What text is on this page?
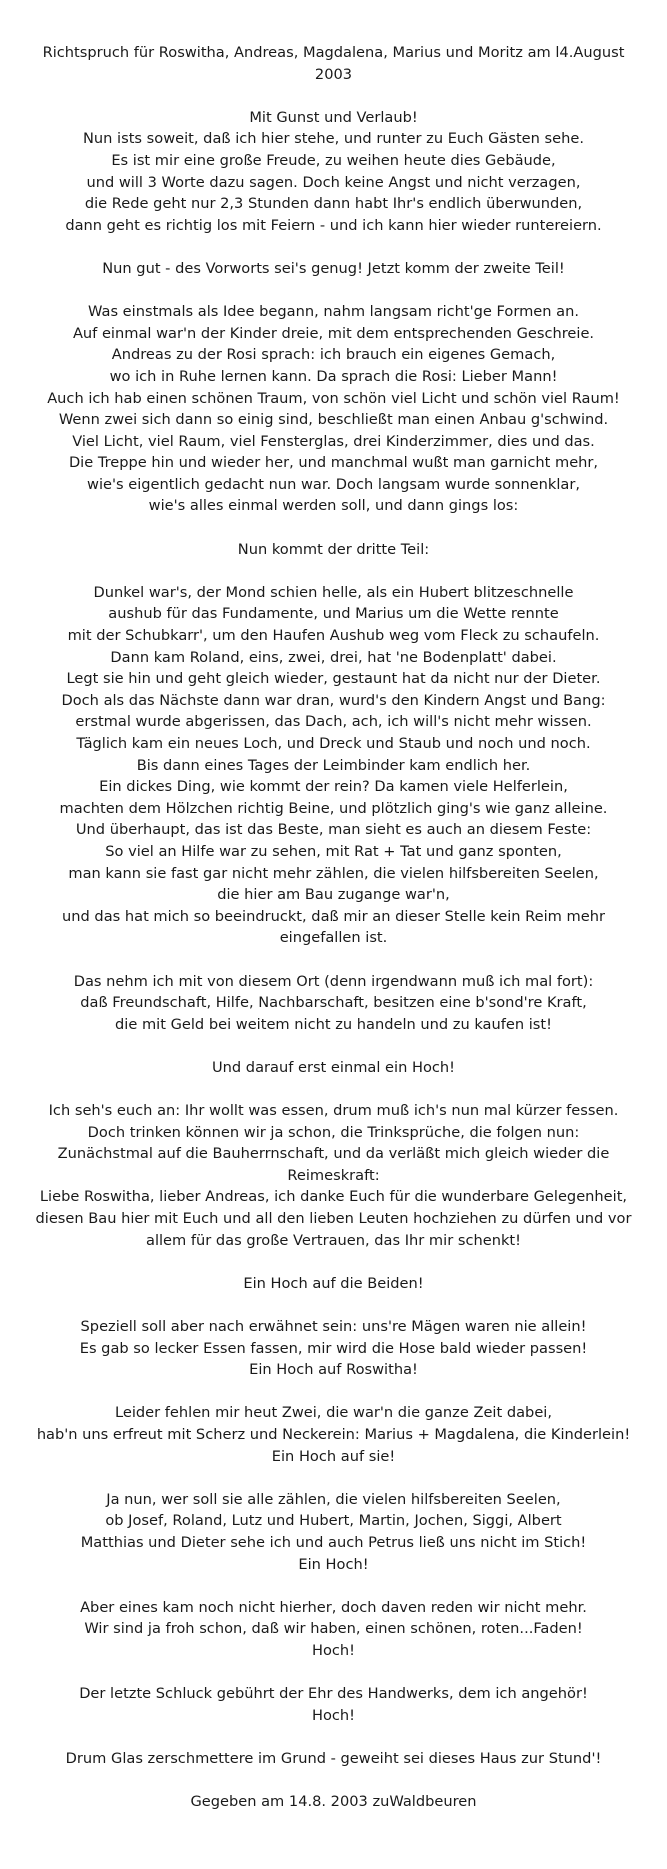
Richtspruch für Roswitha, Andreas, Magdalena, Marius und Moritz am l4.August
2003
Mit Gunst und Verlaub!
Nun ists soweit, daß ich hier stehe, und runter zu Euch Gästen sehe.
Es ist mir eine große Freude, zu weihen heute dies Gebäude,
und will 3 Worte dazu sagen. Doch keine Angst und nicht verzagen,
die Rede geht nur 2,3 Stunden dann habt Ihr's endlich überwunden,
dann geht es richtig los mit Feiern - und ich kann hier wieder runtereiern.
Nun gut - des Vorworts sei's genug! Jetzt komm der zweite Teil!
Was einstmals als Idee begann, nahm langsam richt'ge Formen an.
Auf einmal war'n der Kinder dreie, mit dem entsprechenden Geschreie.
Andreas zu der Rosi sprach: ich brauch ein eigenes Gemach,
wo ich in Ruhe lernen kann. Da sprach die Rosi: Lieber Mann!
Auch ich hab einen schönen Traum, von schön viel Licht und schön viel Raum!
Wenn zwei sich dann so einig sind, beschließt man einen Anbau g'schwind.
Viel Licht, viel Raum, viel Fensterglas, drei Kinderzimmer, dies und das.
Die Treppe hin und wieder her, und manchmal wußt man garnicht mehr,
wie's eigentlich gedacht nun war. Doch langsam wurde sonnenklar,
wie's alles einmal werden soll, und dann gings los:
Nun kommt der dritte Teil:
Dunkel war's, der Mond schien helle, als ein Hubert blitzeschnelle
aushub für das Fundamente, und Marius um die Wette rennte
mit der Schubkarr', um den Haufen Aushub weg vom Fleck zu schaufeln.
Dann kam Roland, eins, zwei, drei, hat 'ne Bodenplatt' dabei.
Legt sie hin und geht gleich wieder, gestaunt hat da nicht nur der Dieter.
Doch als das Nächste dann war dran, wurd's den Kindern Angst und Bang:
erstmal wurde abgerissen, das Dach, ach, ich will's nicht mehr wissen.
Täglich kam ein neues Loch, und Dreck und Staub und noch und noch.
Bis dann eines Tages der Leimbinder kam endlich her.
Ein dickes Ding, wie kommt der rein? Da kamen viele Helferlein,
machten dem Hölzchen richtig Beine, und plötzlich ging's wie ganz alleine.
Und überhaupt, das ist das Beste, man sieht es auch an diesem Feste:
So viel an Hilfe war zu sehen, mit Rat + Tat und ganz sponten,
man kann sie fast gar nicht mehr zählen, die vielen hilfsbereiten Seelen,
die hier am Bau zugange war'n,
und das hat mich so beeindruckt, daß mir an dieser Stelle kein Reim mehr
eingefallen ist.
Das nehm ich mit von diesem Ort (denn irgendwann muß ich mal fort):
daß Freundschaft, Hilfe, Nachbarschaft, besitzen eine b'sond're Kraft,
die mit Geld bei weitem nicht zu handeln und zu kaufen ist!
Und darauf erst einmal ein Hoch!
Ich seh's euch an: Ihr wollt was essen, drum muß ich's nun mal kürzer fessen.
Doch trinken können wir ja schon, die Trinksprüche, die folgen nun:
Zunächstmal auf die Bauherrnschaft, und da verläßt mich gleich wieder die
Reimeskraft:
Liebe Roswitha, lieber Andreas, ich danke Euch für die wunderbare Gelegenheit,
diesen Bau hier mit Euch und all den lieben Leuten hochziehen zu dürfen und vor
allem für das große Vertrauen, das Ihr mir schenkt!
Ein Hoch auf die Beiden!
Speziell soll aber nach erwähnet sein: uns're Mägen waren nie allein!
Es gab so lecker Essen fassen, mir wird die Hose bald wieder passen!
Ein Hoch auf Roswitha!
Leider fehlen mir heut Zwei, die war'n die ganze Zeit dabei,
hab'n uns erfreut mit Scherz und Neckerein: Marius + Magdalena, die Kinderlein!
Ein Hoch auf sie!
Ja nun, wer soll sie alle zählen, die vielen hilfsbereiten Seelen,
ob Josef, Roland, Lutz und Hubert, Martin, Jochen, Siggi, Albert
Matthias und Dieter sehe ich und auch Petrus ließ uns nicht im Stich!
Ein Hoch!
Aber eines kam noch nicht hierher, doch daven reden wir nicht mehr.
Wir sind ja froh schon, daß wir haben, einen schönen, roten...Faden!
Hoch!
Der letzte Schluck gebührt der Ehr des Handwerks, dem ich angehör!
Hoch!
Drum Glas zerschmettere im Grund - geweiht sei dieses Haus zur Stund'!
Gegeben am 14.8. 2003 zuWaldbeuren
